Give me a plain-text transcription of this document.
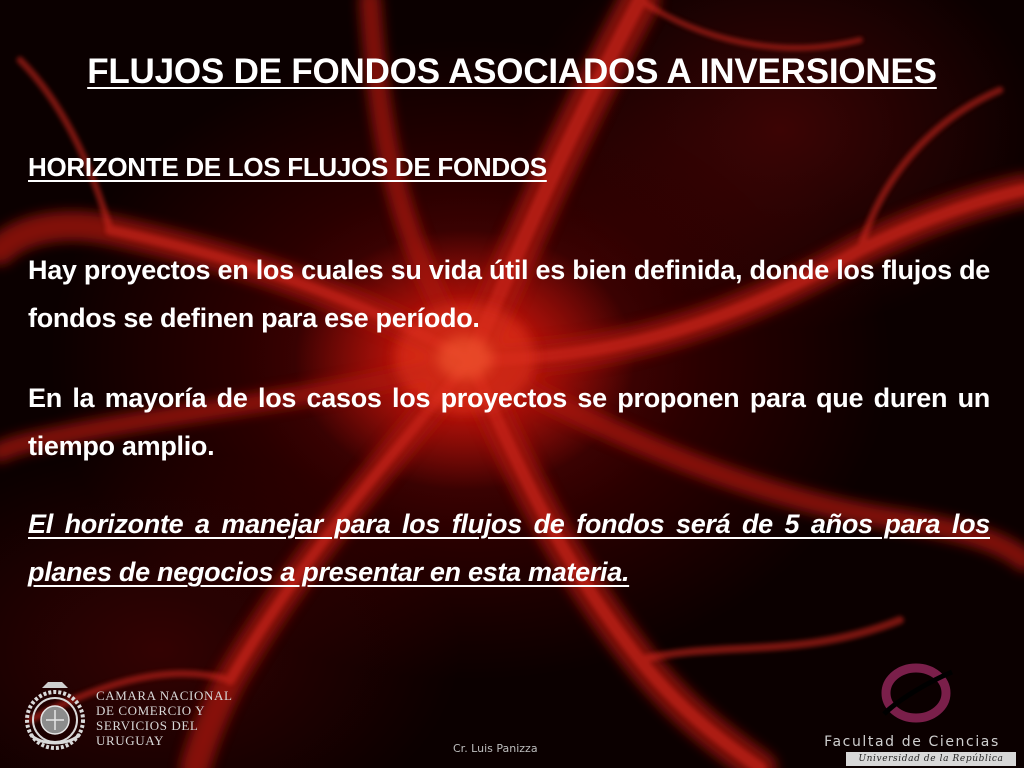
FLUJOS DE FONDOS ASOCIADOS A INVERSIONES
HORIZONTE DE LOS FLUJOS DE FONDOS

Hay proyectos en los cuales su vida útil es bien definida, donde los flujos de fondos se definen para ese período.

En la mayoría de los casos los proyectos se proponen para que duren un tiempo amplio.

El horizonte a manejar para los flujos de fondos será de 5 años para los planes de negocios a presentar en esta materia.

CAMARA NACIONAL
DE COMERCIO Y
SERVICIOS DEL
URUGUAY

Cr. Luis Panizza	Facultad de Ciencias
Universidad de la República
